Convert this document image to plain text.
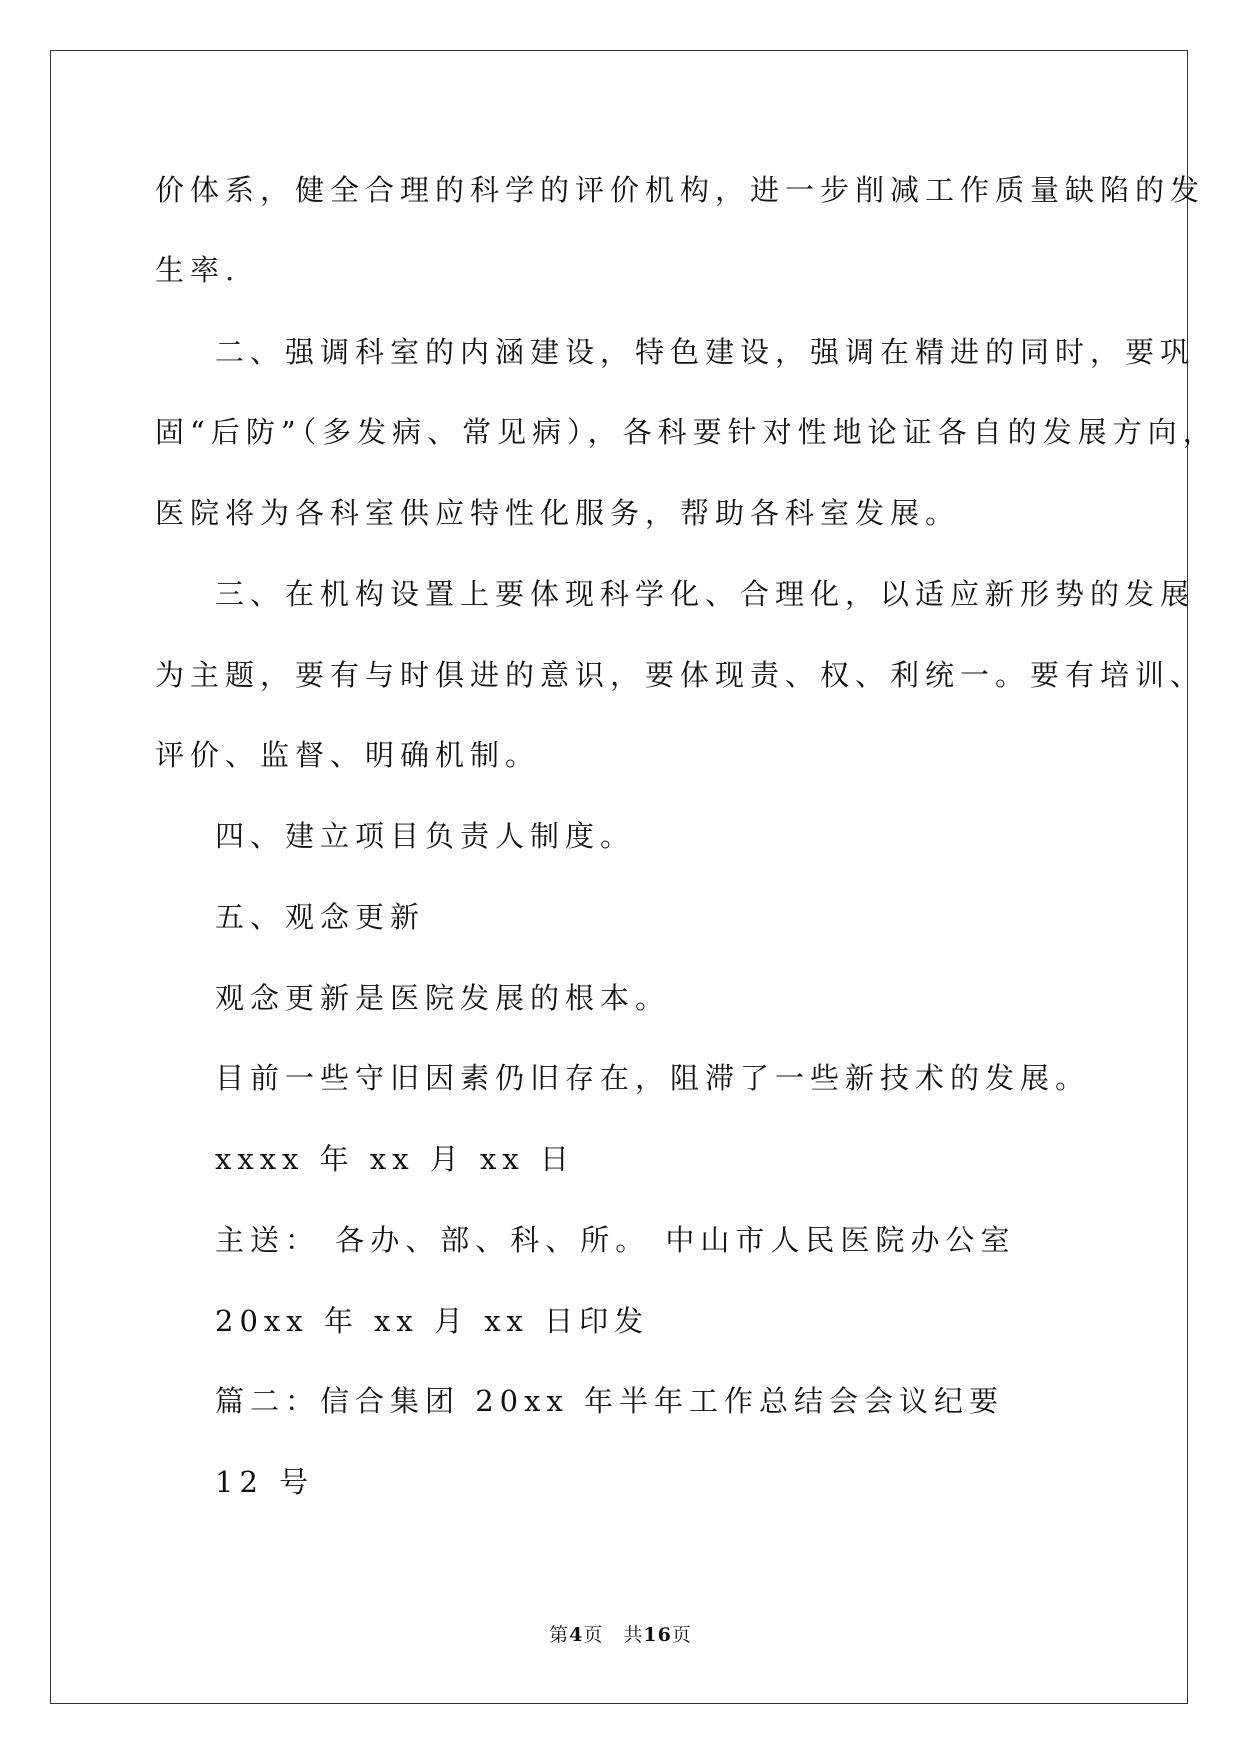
价体系，健全合理的科学的评价机构，进一步削减工作质量缺陷的发
生率.
二、强调科室的内涵建设，特色建设，强调在精进的同时，要巩
固“后防”（多发病、常见病），各科要针对性地论证各自的发展方向，
医院将为各科室供应特性化服务，帮助各科室发展。
三、在机构设置上要体现科学化、合理化，以适应新形势的发展
为主题，要有与时俱进的意识，要体现责、权、利统一。要有培训、
评价、监督、明确机制。
四、建立项目负责人制度。
五、观念更新
观念更新是医院发展的根本。
目前一些守旧因素仍旧存在，阻滞了一些新技术的发展。
xxxx 年 xx 月 xx 日
主送： 各办、部、科、所。 中山市人民医院办公室
20xx 年 xx 月 xx 日印发
篇二：信合集团 20xx 年半年工作总结会会议纪要
12 号
第4页 共16页
